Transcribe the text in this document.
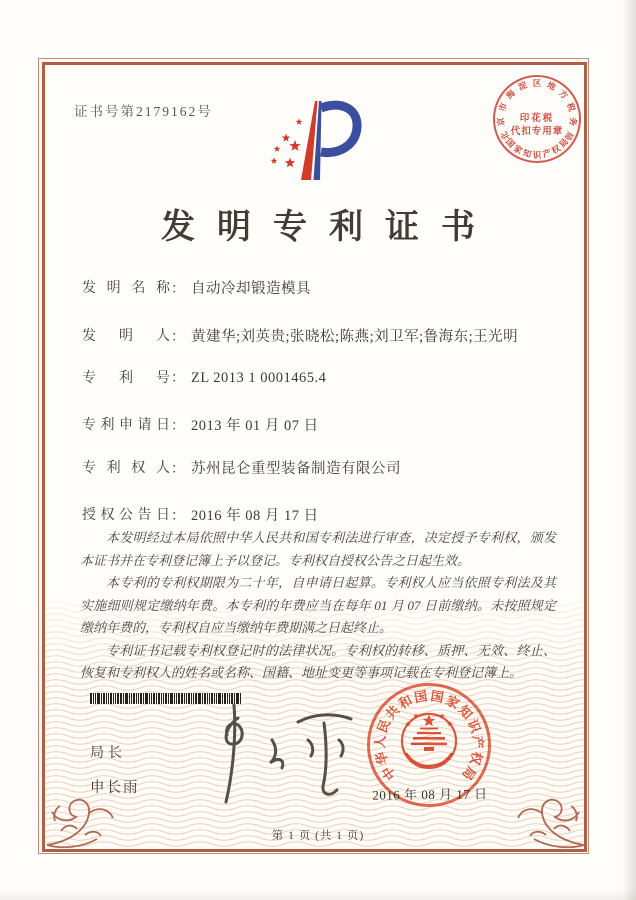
证书号第2179162号	印花税
代扣专用章
北
京
市
海
淀 区 地
方
税
务
局
国
家
知 识 产
权
局
发明专利证书
发明名称： 自动冷却锻造模具
发明人： 黄建华;刘英贵;张晓松;陈燕;刘卫军;鲁海东;王光明
专利号： ZL 2013 1 0001465.4
专利申请日： 2013 年 01 月 07 日
专利权人： 苏州昆仑重型装备制造有限公司
授权公告日： 2016 年 08 月 17 日

本发明经过本局依照中华人民共和国专利法进行审查，决定授予专利权，颁发本证书并在专利登记簿上予以登记。专利权自授权公告之日起生效。

本专利的专利权期限为二十年，自申请日起算。专利权人应当依照专利法及其实施细则规定缴纳年费。本专利的年费应当在每年 01 月 07 日前缴纳。未按照规定缴纳年费的，专利权自应当缴纳年费期满之日起终止。

专利证书记载专利权登记时的法律状况。专利权的转移、质押、无效、终止、恢复和专利权人的姓名或名称、国籍、地址变更等事项记载在专利登记簿上。

局长
申长雨
中
华
人
民
共
和
国 国
家
知
识
产
权
局
2016 年 08 月 17 日
第 1 页 (共 1 页)
